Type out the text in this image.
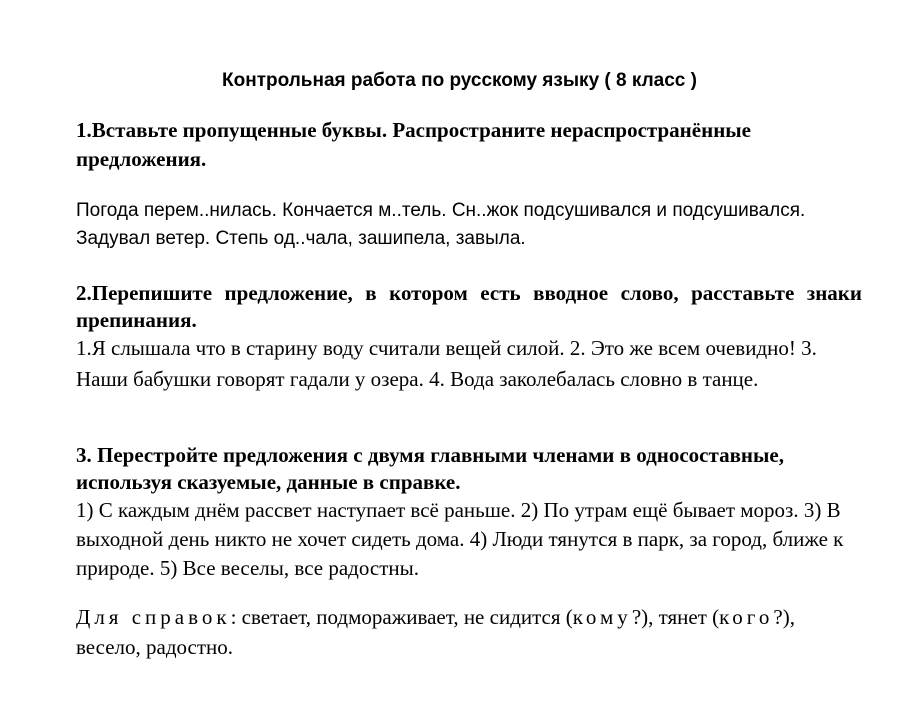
Контрольная работа по русскому языку ( 8 класс )
1.Вставьте пропущенные буквы. Распространите нераспространённые предложения.
Погода перем..нилась. Кончается м..тель. Сн..жок подсушивался и подсушивался. Задувал ветер. Степь од..чала, зашипела, завыла.
2.Перепишите предложение, в котором есть вводное слово, расставьте знаки препинания.
1.Я слышала что в старину воду считали вещей силой. 2. Это же всем очевидно! 3. Наши бабушки говорят гадали у озера. 4. Вода заколебалась словно в танце.
3. Перестройте предложения с двумя главными членами в односоставные, используя сказуемые, данные в справке.
1) С каждым днём рассвет наступает всё раньше. 2) По утрам ещё бывает мороз. 3) В выходной день никто не хочет сидеть дома. 4) Люди тянутся в парк, за город, ближе к природе. 5) Все веселы, все радостны.
Для справок: светает, подмораживает, не сидится (кому?), тянет (кого?), весело, радостно.
